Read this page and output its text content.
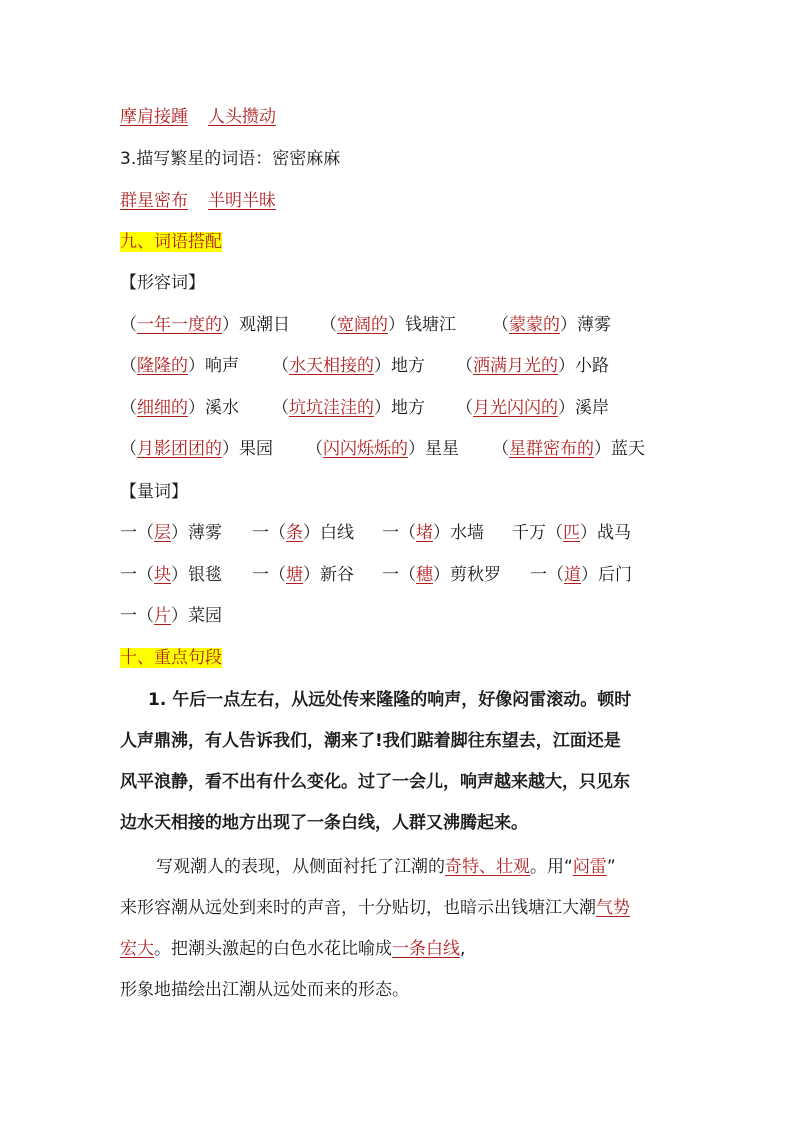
摩肩接踵 人头攒动
3.描写繁星的词语：密密麻麻
群星密布 半明半昧
九、词语搭配
【形容词】
（一年一度的）观潮日 （宽阔的）钱塘江 （蒙蒙的）薄雾
（隆隆的）响声 （水天相接的）地方 （洒满月光的）小路
（细细的）溪水 （坑坑洼洼的）地方 （月光闪闪的）溪岸
（月影团团的）果园 （闪闪烁烁的）星星 （星群密布的）蓝天
【量词】
一（层）薄雾 一（条）白线 一（堵）水墙 千万（匹）战马
一（块）银毯 一（塘）新谷 一（穗）剪秋罗 一（道）后门
一（片）菜园
十、重点句段
1. 午后一点左右，从远处传来隆隆的响声，好像闷雷滚动。顿时
人声鼎沸，有人告诉我们，潮来了!我们踮着脚往东望去，江面还是
风平浪静，看不出有什么变化。过了一会儿，响声越来越大，只见东
边水天相接的地方出现了一条白线，人群又沸腾起来。
写观潮人的表现，从侧面衬托了江潮的奇特、壮观。用“闷雷”
来形容潮从远处到来时的声音，十分贴切，也暗示出钱塘江大潮气势
宏大。把潮头激起的白色水花比喻成一条白线,
形象地描绘出江潮从远处而来的形态。
